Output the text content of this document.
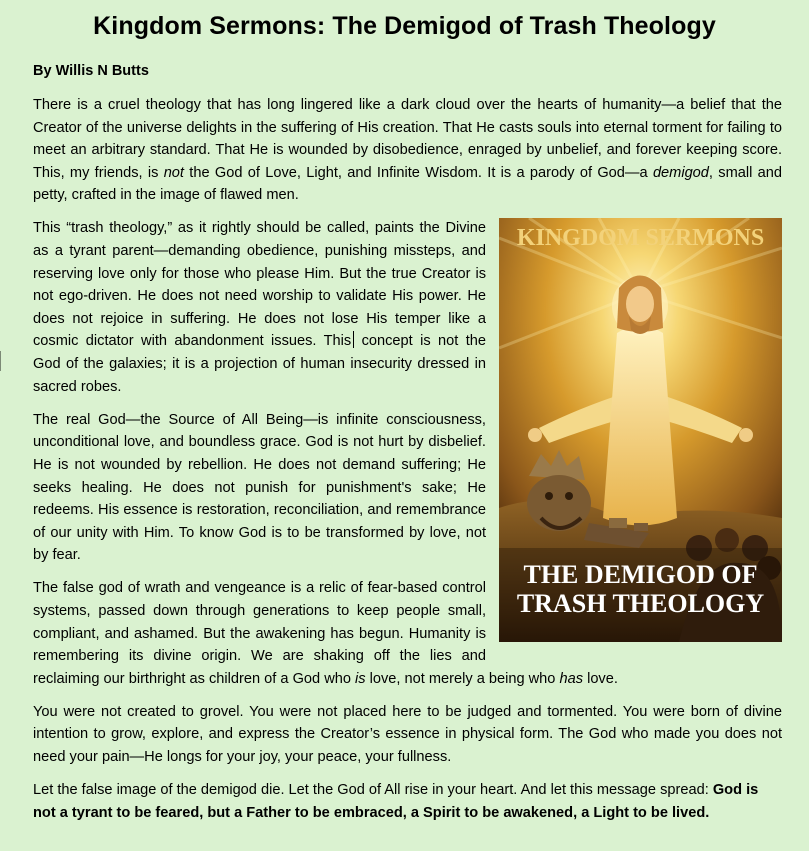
Kingdom Sermons: The Demigod of Trash Theology

By Willis N Butts

There is a cruel theology that has long lingered like a dark cloud over the hearts of humanity—a belief that the Creator of the universe delights in the suffering of His creation. That He casts souls into eternal torment for failing to meet an arbitrary standard. That He is wounded by disobedience, enraged by unbelief, and forever keeping score. This, my friends, is not the God of Love, Light, and Infinite Wisdom. It is a parody of God—a demigod, small and petty, crafted in the image of flawed men.

KINGDOM SERMONS
THE DEMIGOD OF
TRASH THEOLOGY

This “trash theology,” as it rightly should be called, paints the Divine as a tyrant parent—demanding obedience, punishing missteps, and reserving love only for those who please Him. But the true Creator is not ego-driven. He does not need worship to validate His power. He does not rejoice in suffering. He does not lose His temper like a cosmic dictator with abandonment issues. This concept is not the God of the galaxies; it is a projection of human insecurity dressed in sacred robes.

The real God—the Source of All Being—is infinite consciousness, unconditional love, and boundless grace. God is not hurt by disbelief. He is not wounded by rebellion. He does not demand suffering; He seeks healing. He does not punish for punishment's sake; He redeems. His essence is restoration, reconciliation, and remembrance of our unity with Him. To know God is to be transformed by love, not by fear.

The false god of wrath and vengeance is a relic of fear-based control systems, passed down through generations to keep people small, compliant, and ashamed. But the awakening has begun. Humanity is remembering its divine origin. We are shaking off the lies and reclaiming our birthright as children of a God who is love, not merely a being who has love.

You were not created to grovel. You were not placed here to be judged and tormented. You were born of divine intention to grow, explore, and express the Creator’s essence in physical form. The God who made you does not need your pain—He longs for your joy, your peace, your fullness.

Let the false image of the demigod die. Let the God of All rise in your heart. And let this message spread: God is not a tyrant to be feared, but a Father to be embraced, a Spirit to be awakened, a Light to be lived.
